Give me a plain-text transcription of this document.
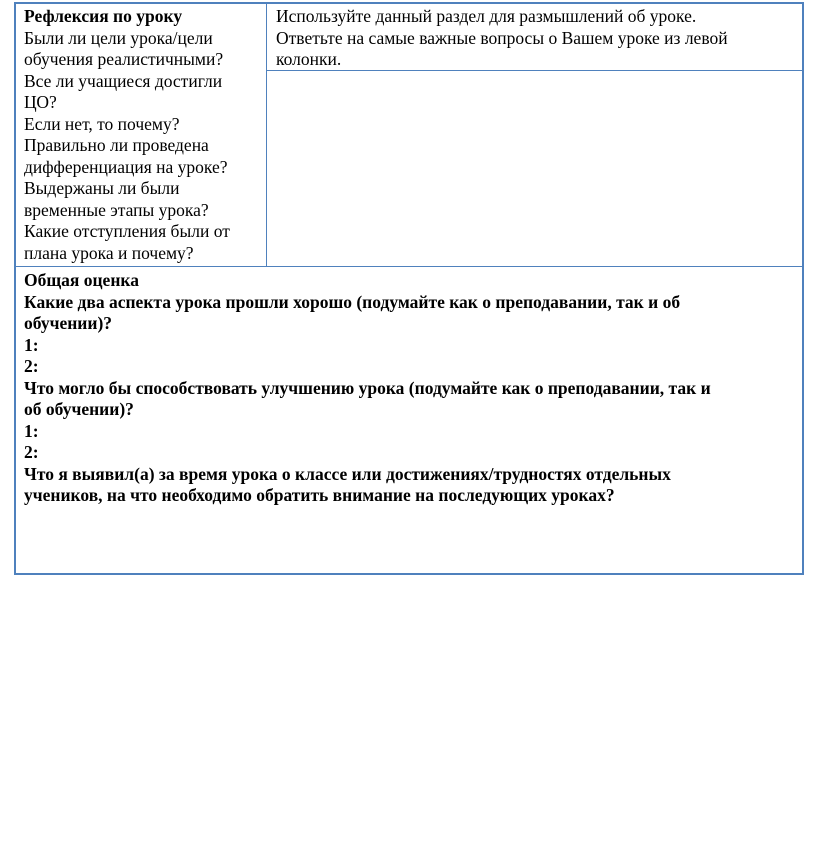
Рефлексия по уроку
Были ли цели урока/цели
обучения реалистичными?
Все ли учащиеся достигли
ЦО?
Если нет, то почему?
Правильно ли проведена
дифференциация на уроке?
Выдержаны ли были
временные этапы урока?
Какие отступления были от
плана урока и почему?
Используйте данный раздел для размышлений об уроке.
Ответьте на самые важные вопросы о Вашем уроке из левой
колонки.
Общая оценка
Какие два аспекта урока прошли хорошо (подумайте как о преподавании, так и об
обучении)?
1:
2:
Что могло бы способствовать улучшению урока (подумайте как о преподавании, так и
об обучении)?
1:
2:
Что я выявил(а) за время урока о классе или достижениях/трудностях отдельных
учеников, на что необходимо обратить внимание на последующих уроках?
